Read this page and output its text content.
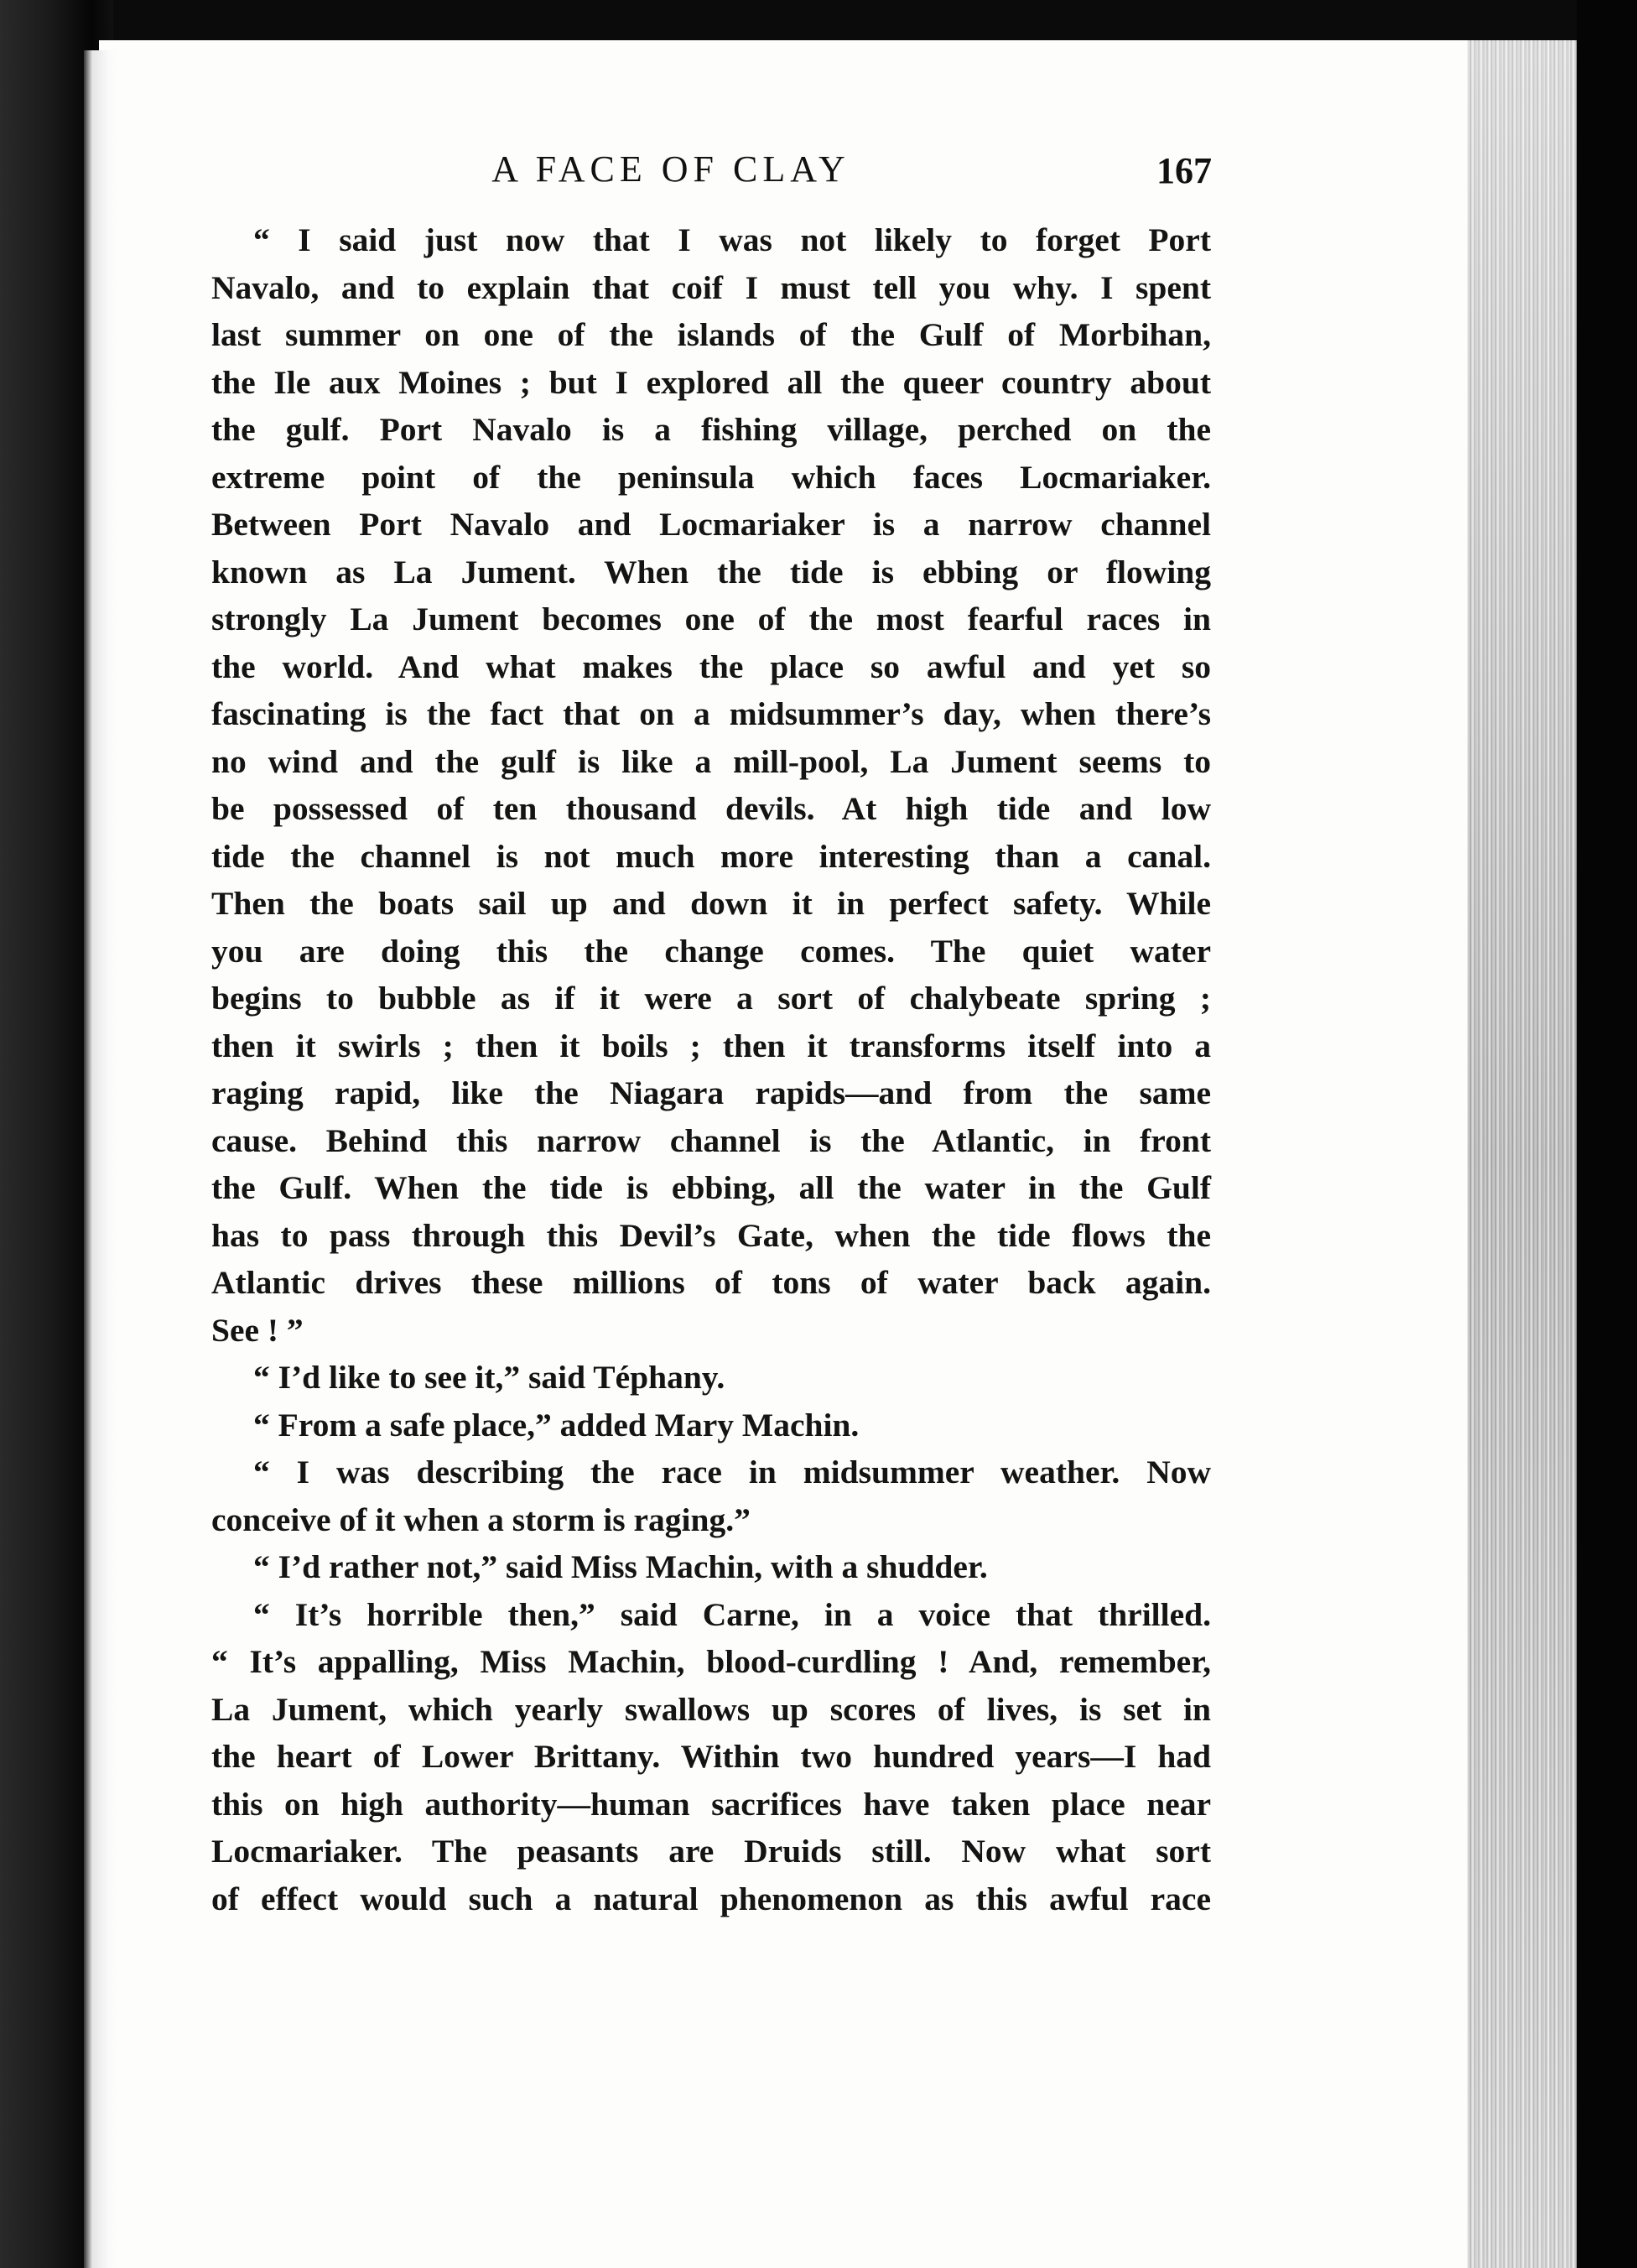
A FACE OF CLAY	167
“ I said just now that I was not likely to forget Port
Navalo, and to explain that coif I must tell you why. I spent
last summer on one of the islands of the Gulf of Morbihan,
the Ile aux Moines ; but I explored all the queer country about
the gulf. Port Navalo is a fishing village, perched on the
extreme point of the peninsula which faces Locmariaker.
Between Port Navalo and Locmariaker is a narrow channel
known as La Jument. When the tide is ebbing or flowing
strongly La Jument becomes one of the most fearful races in
the world. And what makes the place so awful and yet so
fascinating is the fact that on a midsummer’s day, when there’s
no wind and the gulf is like a mill-pool, La Jument seems to
be possessed of ten thousand devils. At high tide and low
tide the channel is not much more interesting than a canal.
Then the boats sail up and down it in perfect safety. While
you are doing this the change comes. The quiet water
begins to bubble as if it were a sort of chalybeate spring ;
then it swirls ; then it boils ; then it transforms itself into a
raging rapid, like the Niagara rapids—and from the same
cause. Behind this narrow channel is the Atlantic, in front
the Gulf. When the tide is ebbing, all the water in the Gulf
has to pass through this Devil’s Gate, when the tide flows the
Atlantic drives these millions of tons of water back again.
See ! ”
“ I’d like to see it,” said Téphany.
“ From a safe place,” added Mary Machin.
“ I was describing the race in midsummer weather. Now
conceive of it when a storm is raging.”
“ I’d rather not,” said Miss Machin, with a shudder.
“ It’s horrible then,” said Carne, in a voice that thrilled.
“ It’s appalling, Miss Machin, blood-curdling ! And, remember,
La Jument, which yearly swallows up scores of lives, is set in
the heart of Lower Brittany. Within two hundred years—I had
this on high authority—human sacrifices have taken place near
Locmariaker. The peasants are Druids still. Now what sort
of effect would such a natural phenomenon as this awful race
